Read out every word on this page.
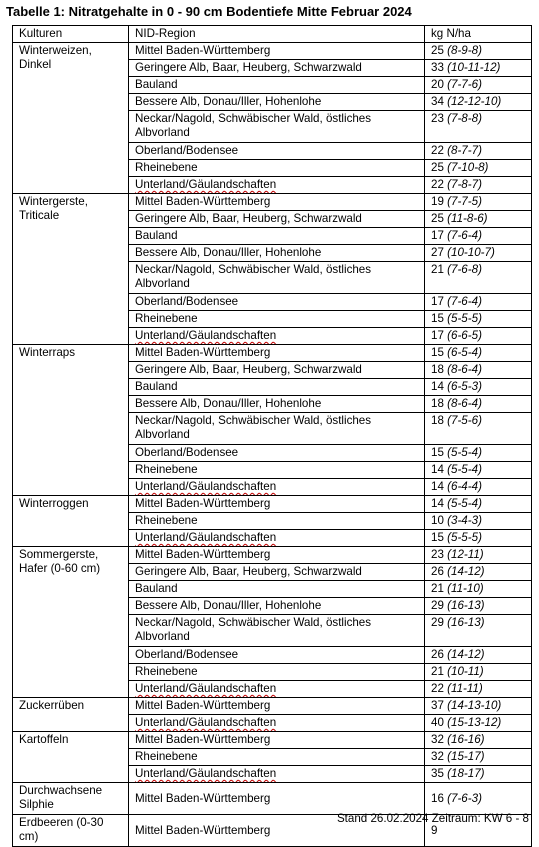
Tabelle 1: Nitratgehalte in 0 - 90 cm Bodentiefe Mitte Februar 2024
Kulturen	NID-Region	kg N/ha
Winterweizen, Dinkel	Mittel Baden-Württemberg	25 (8-9-8)
	Geringere Alb, Baar, Heuberg, Schwarzwald	33 (10-11-12)
	Bauland	20 (7-7-6)
	Bessere Alb, Donau/Iller, Hohenlohe	34 (12-12-10)
	Neckar/Nagold, Schwäbischer Wald, östliches Albvorland	23 (7-8-8)
	Oberland/Bodensee	22 (8-7-7)
	Rheinebene	25 (7-10-8)
	Unterland/Gäulandschaften	22 (7-8-7)
Wintergerste, Triticale	Mittel Baden-Württemberg	19 (7-7-5)
	Geringere Alb, Baar, Heuberg, Schwarzwald	25 (11-8-6)
	Bauland	17 (7-6-4)
	Bessere Alb, Donau/Iller, Hohenlohe	27 (10-10-7)
	Neckar/Nagold, Schwäbischer Wald, östliches Albvorland	21 (7-6-8)
	Oberland/Bodensee	17 (7-6-4)
	Rheinebene	15 (5-5-5)
	Unterland/Gäulandschaften	17 (6-6-5)
Winterraps	Mittel Baden-Württemberg	15 (6-5-4)
	Geringere Alb, Baar, Heuberg, Schwarzwald	18 (8-6-4)
	Bauland	14 (6-5-3)
	Bessere Alb, Donau/Iller, Hohenlohe	18 (8-6-4)
	Neckar/Nagold, Schwäbischer Wald, östliches Albvorland	18 (7-5-6)
	Oberland/Bodensee	15 (5-5-4)
	Rheinebene	14 (5-5-4)
	Unterland/Gäulandschaften	14 (6-4-4)
Winterroggen	Mittel Baden-Württemberg	14 (5-5-4)
	Rheinebene	10 (3-4-3)
	Unterland/Gäulandschaften	15 (5-5-5)
Sommergerste, Hafer (0-60 cm)	Mittel Baden-Württemberg	23 (12-11)
	Geringere Alb, Baar, Heuberg, Schwarzwald	26 (14-12)
	Bauland	21 (11-10)
	Bessere Alb, Donau/Iller, Hohenlohe	29 (16-13)
	Neckar/Nagold, Schwäbischer Wald, östliches Albvorland	29 (16-13)
	Oberland/Bodensee	26 (14-12)
	Rheinebene	21 (10-11)
	Unterland/Gäulandschaften	22 (11-11)
Zuckerrüben	Mittel Baden-Württemberg	37 (14-13-10)
	Unterland/Gäulandschaften	40 (15-13-12)
Kartoffeln	Mittel Baden-Württemberg	32 (16-16)
	Rheinebene	32 (15-17)
	Unterland/Gäulandschaften	35 (18-17)
Durchwachsene Silphie	Mittel Baden-Württemberg	16 (7-6-3)
Erdbeeren (0-30 cm)	Mittel Baden-Württemberg	9
Stand 26.02.2024 Zeitraum: KW 6 - 8
